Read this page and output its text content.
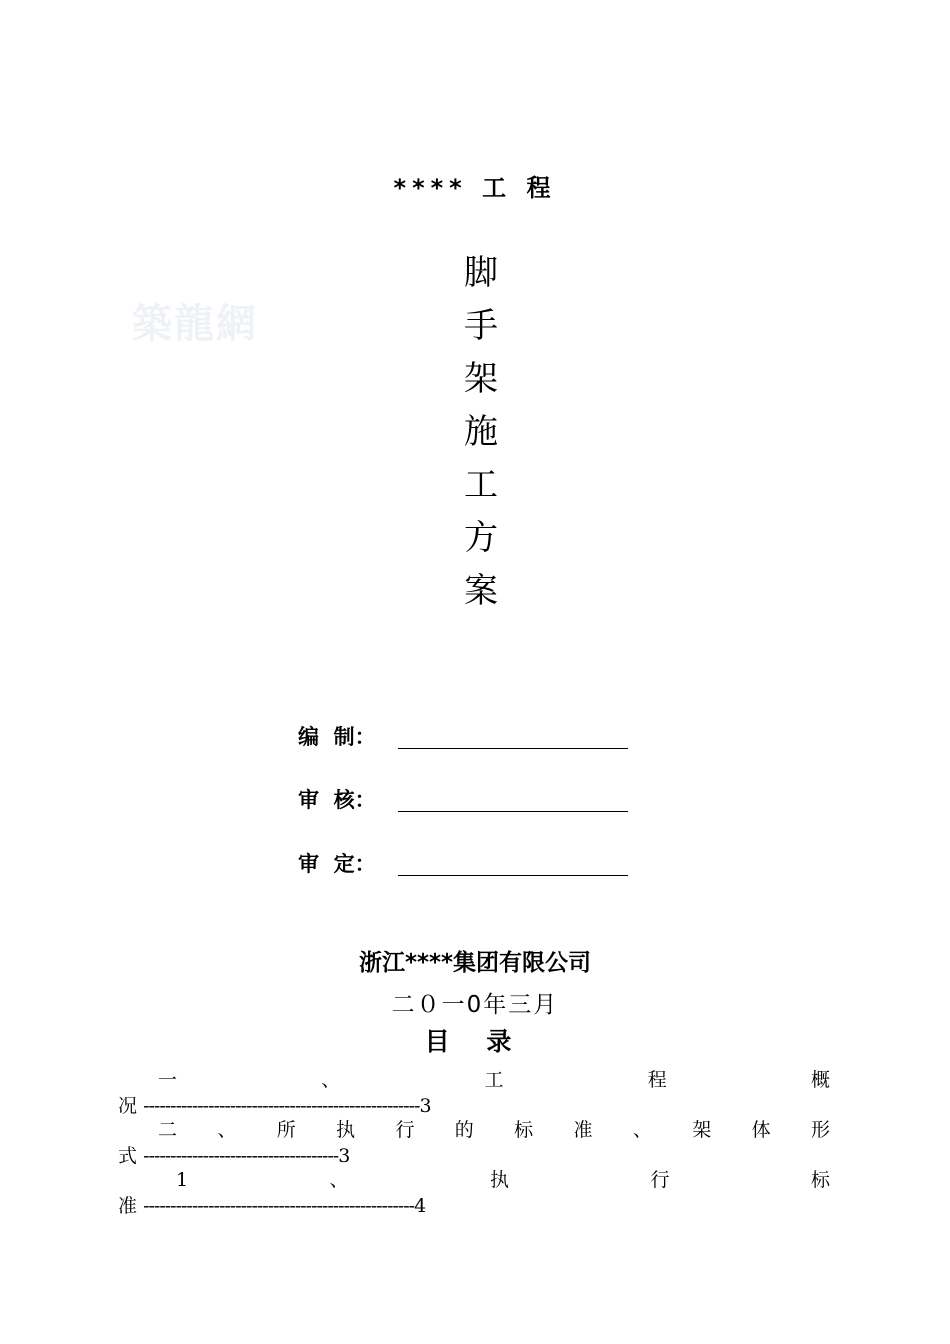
**** 工 程
築龍網
脚
手
架
施
工
方
案
编  制：
审  核：
审  定：
浙江****集团有限公司
二０一0年三月
目 录
一	、	工	程	概
况 ---------------------------------------------------3
二 、 所 执 行 的 标 准 、 架 体 形
式 ------------------------------------3
1	、	执	行	标
准 --------------------------------------------------4
